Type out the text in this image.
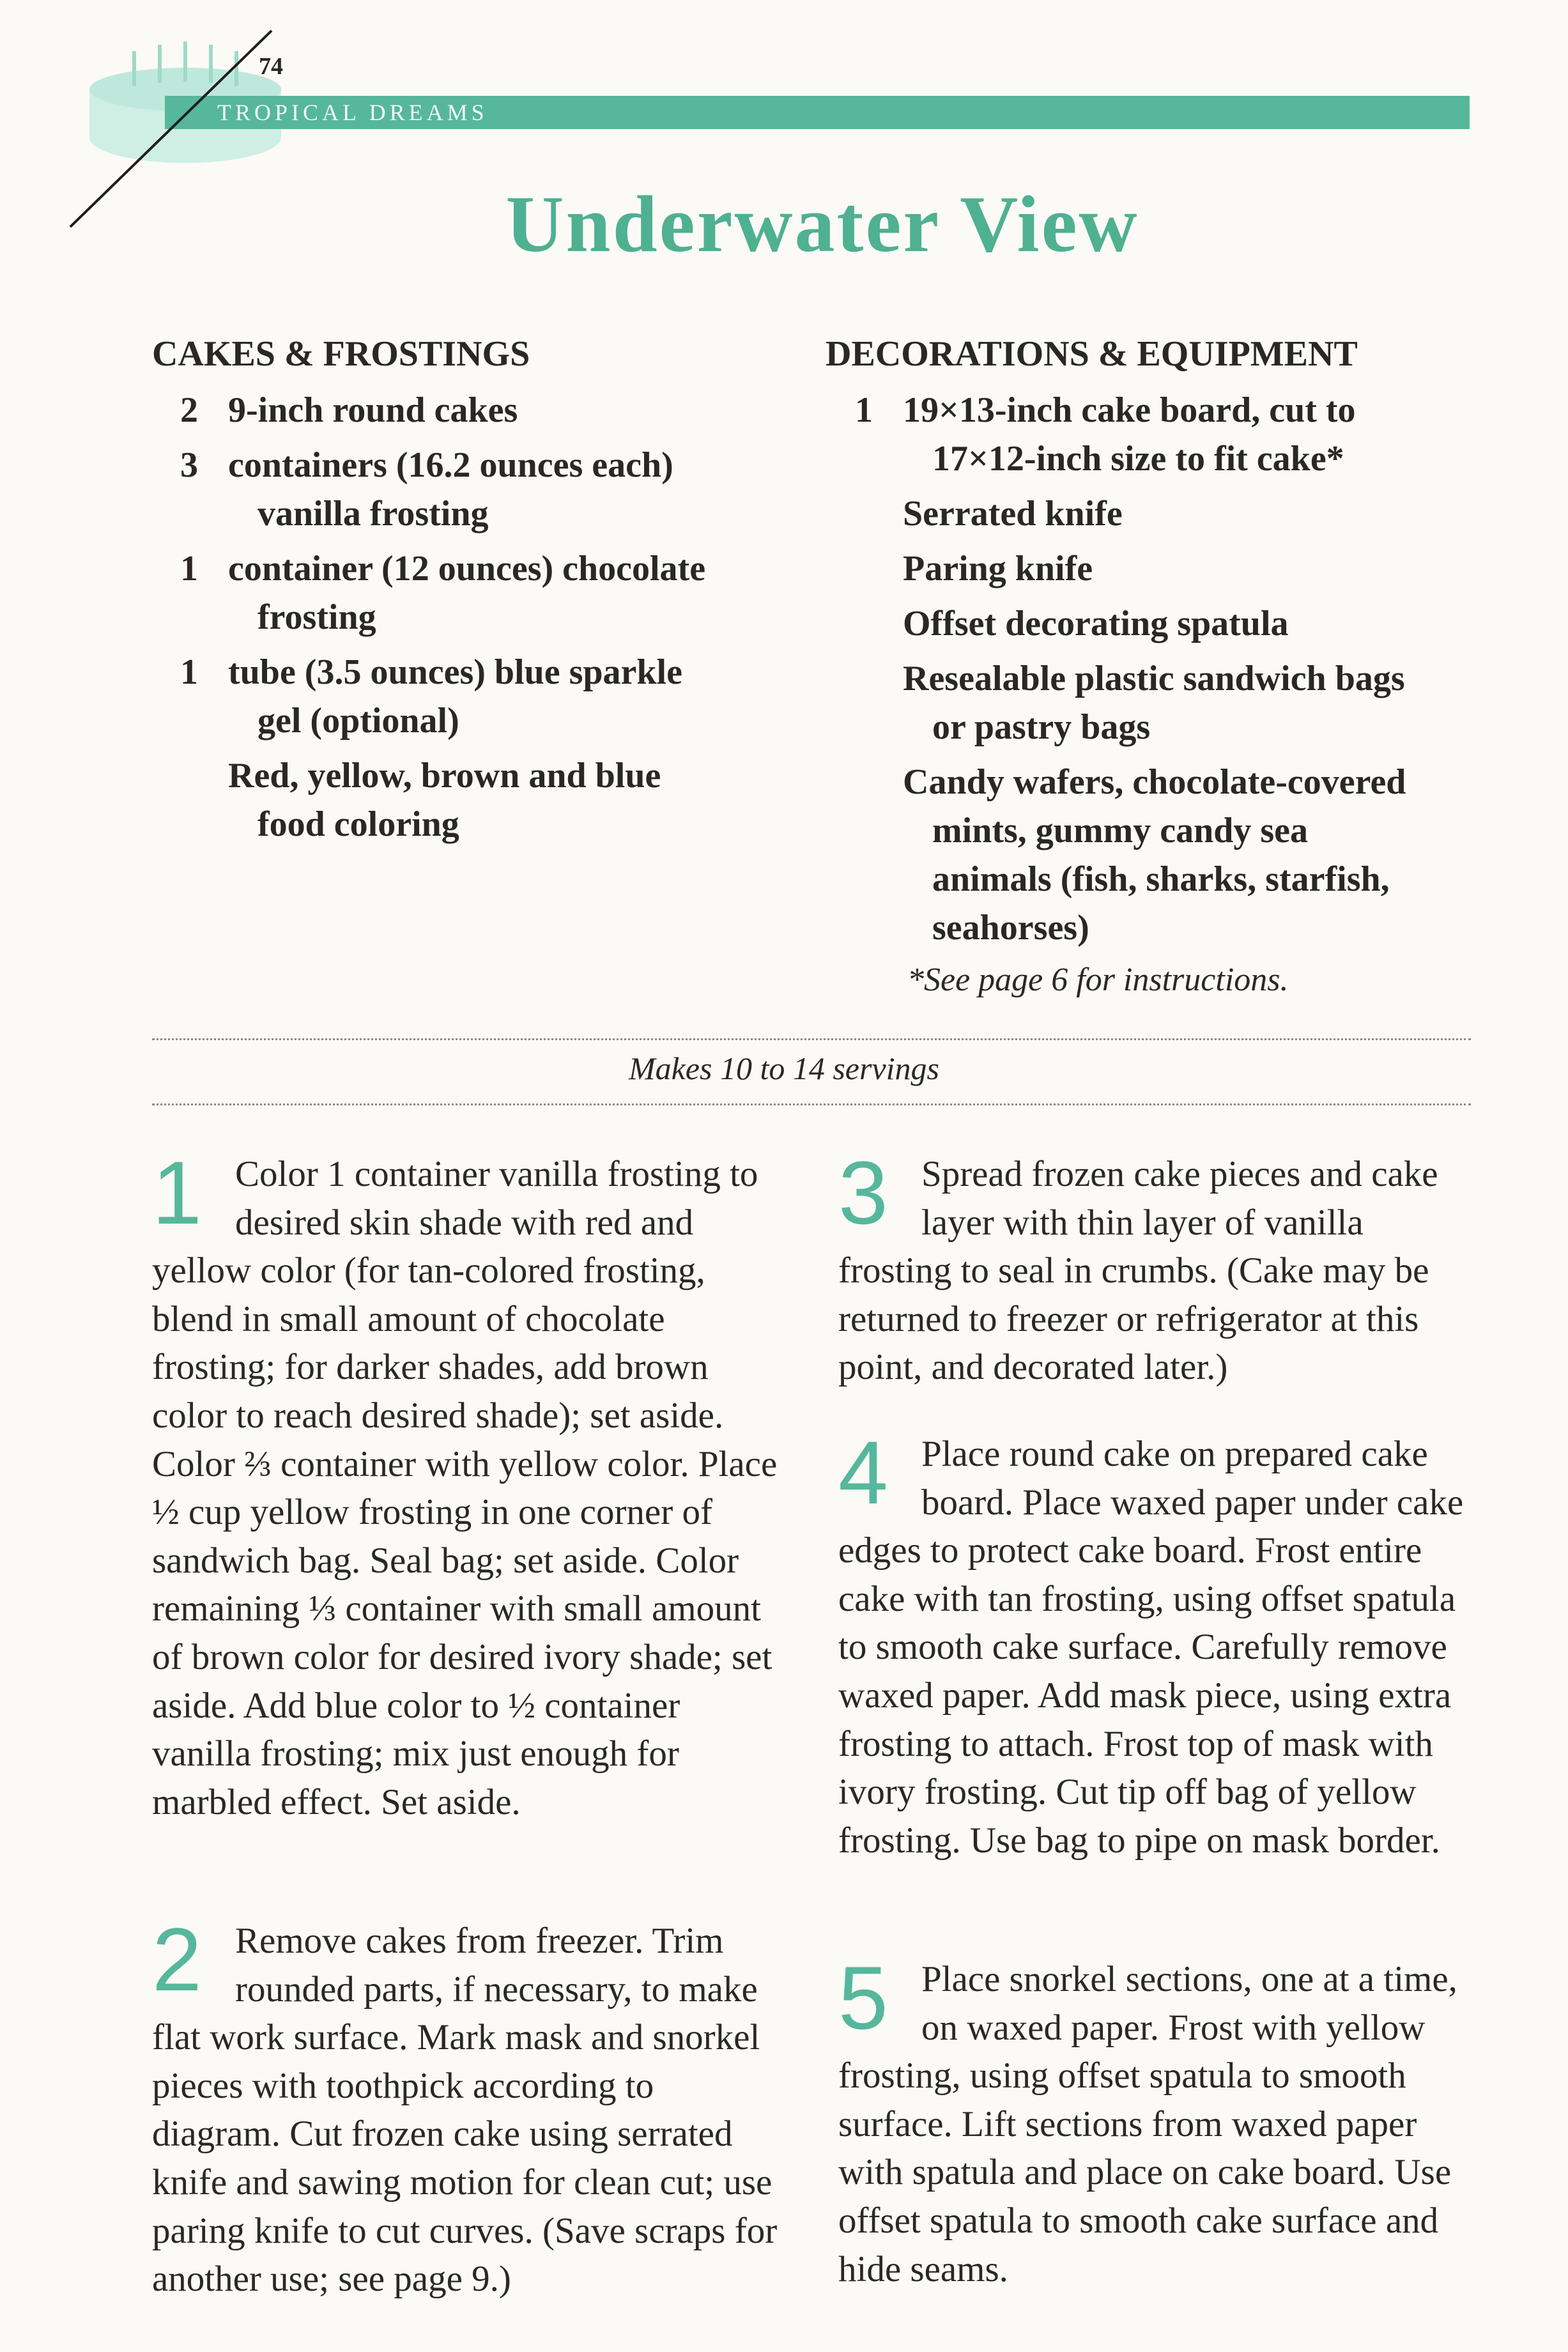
TROPICAL DREAMS
74
Underwater View
CAKES & FROSTINGS
2 9-inch round cakes
3 containers (16.2 ounces each)
vanilla frosting
1 container (12 ounces) chocolate
frosting
1 tube (3.5 ounces) blue sparkle
gel (optional)
Red, yellow, brown and blue
food coloring
DECORATIONS & EQUIPMENT
1 19×13-inch cake board, cut to
17×12-inch size to fit cake*
Serrated knife
Paring knife
Offset decorating spatula
Resealable plastic sandwich bags
or pastry bags
Candy wafers, chocolate-covered
mints, gummy candy sea
animals (fish, sharks, starfish,
seahorses)
*See page 6 for instructions.
Makes 10 to 14 servings
1 Color 1 container vanilla frosting to desired skin shade with red and yellow color (for tan-colored frosting, blend in small amount of chocolate frosting; for darker shades, add brown color to reach desired shade); set aside. Color ⅔ container with yellow color. Place ½ cup yellow frosting in one corner of sandwich bag. Seal bag; set aside. Color remaining ⅓ container with small amount of brown color for desired ivory shade; set aside. Add blue color to ½ container vanilla frosting; mix just enough for marbled effect. Set aside.

2 Remove cakes from freezer. Trim rounded parts, if necessary, to make flat work surface. Mark mask and snorkel pieces with toothpick according to diagram. Cut frozen cake using serrated knife and sawing motion for clean cut; use paring knife to cut curves. (Save scraps for another use; see page 9.)

3 Spread frozen cake pieces and cake layer with thin layer of vanilla frosting to seal in crumbs. (Cake may be returned to freezer or refrigerator at this point, and decorated later.)

4 Place round cake on prepared cake board. Place waxed paper under cake edges to protect cake board. Frost entire cake with tan frosting, using offset spatula to smooth cake surface. Carefully remove waxed paper. Add mask piece, using extra frosting to attach. Frost top of mask with ivory frosting. Cut tip off bag of yellow frosting. Use bag to pipe on mask border.

5 Place snorkel sections, one at a time, on waxed paper. Frost with yellow frosting, using offset spatula to smooth surface. Lift sections from waxed paper with spatula and place on cake board. Use offset spatula to smooth cake surface and hide seams.
